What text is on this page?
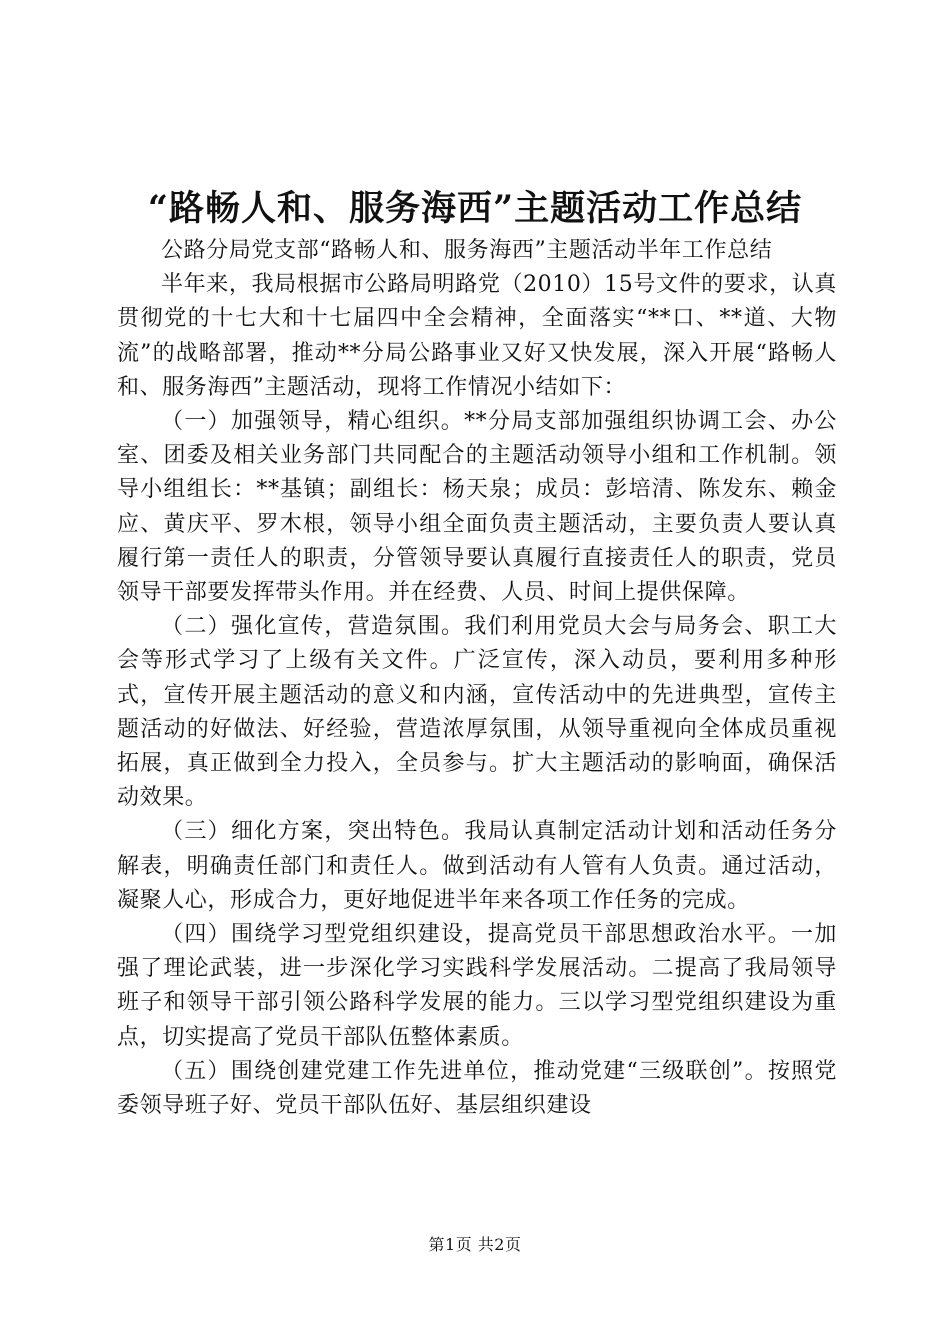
“路畅人和、服务海西”主题活动工作总结

公路分局党支部“路畅人和、服务海西”主题活动半年工作总结

半年来，我局根据市公路局明路党（2010）15号文件的要求，认真贯彻党的十七大和十七届四中全会精神，全面落实“**口、**道、大物流”的战略部署，推动**分局公路事业又好又快发展，深入开展“路畅人和、服务海西”主题活动，现将工作情况小结如下：

（一）加强领导，精心组织。**分局支部加强组织协调工会、办公室、团委及相关业务部门共同配合的主题活动领导小组和工作机制。领导小组组长：**基镇；副组长：杨天泉；成员：彭培清、陈发东、赖金应、黄庆平、罗木根，领导小组全面负责主题活动，主要负责人要认真履行第一责任人的职责，分管领导要认真履行直接责任人的职责，党员领导干部要发挥带头作用。并在经费、人员、时间上提供保障。

（二）强化宣传，营造氛围。我们利用党员大会与局务会、职工大会等形式学习了上级有关文件。广泛宣传，深入动员，要利用多种形式，宣传开展主题活动的意义和内涵，宣传活动中的先进典型，宣传主题活动的好做法、好经验，营造浓厚氛围，从领导重视向全体成员重视拓展，真正做到全力投入，全员参与。扩大主题活动的影响面，确保活动效果。

（三）细化方案，突出特色。我局认真制定活动计划和活动任务分解表，明确责任部门和责任人。做到活动有人管有人负责。通过活动，凝聚人心，形成合力，更好地促进半年来各项工作任务的完成。

（四）围绕学习型党组织建设，提高党员干部思想政治水平。一加强了理论武装，进一步深化学习实践科学发展活动。二提高了我局领导班子和领导干部引领公路科学发展的能力。三以学习型党组织建设为重点，切实提高了党员干部队伍整体素质。

（五）围绕创建党建工作先进单位，推动党建“三级联创”。按照党委领导班子好、党员干部队伍好、基层组织建设

第1页 共2页
